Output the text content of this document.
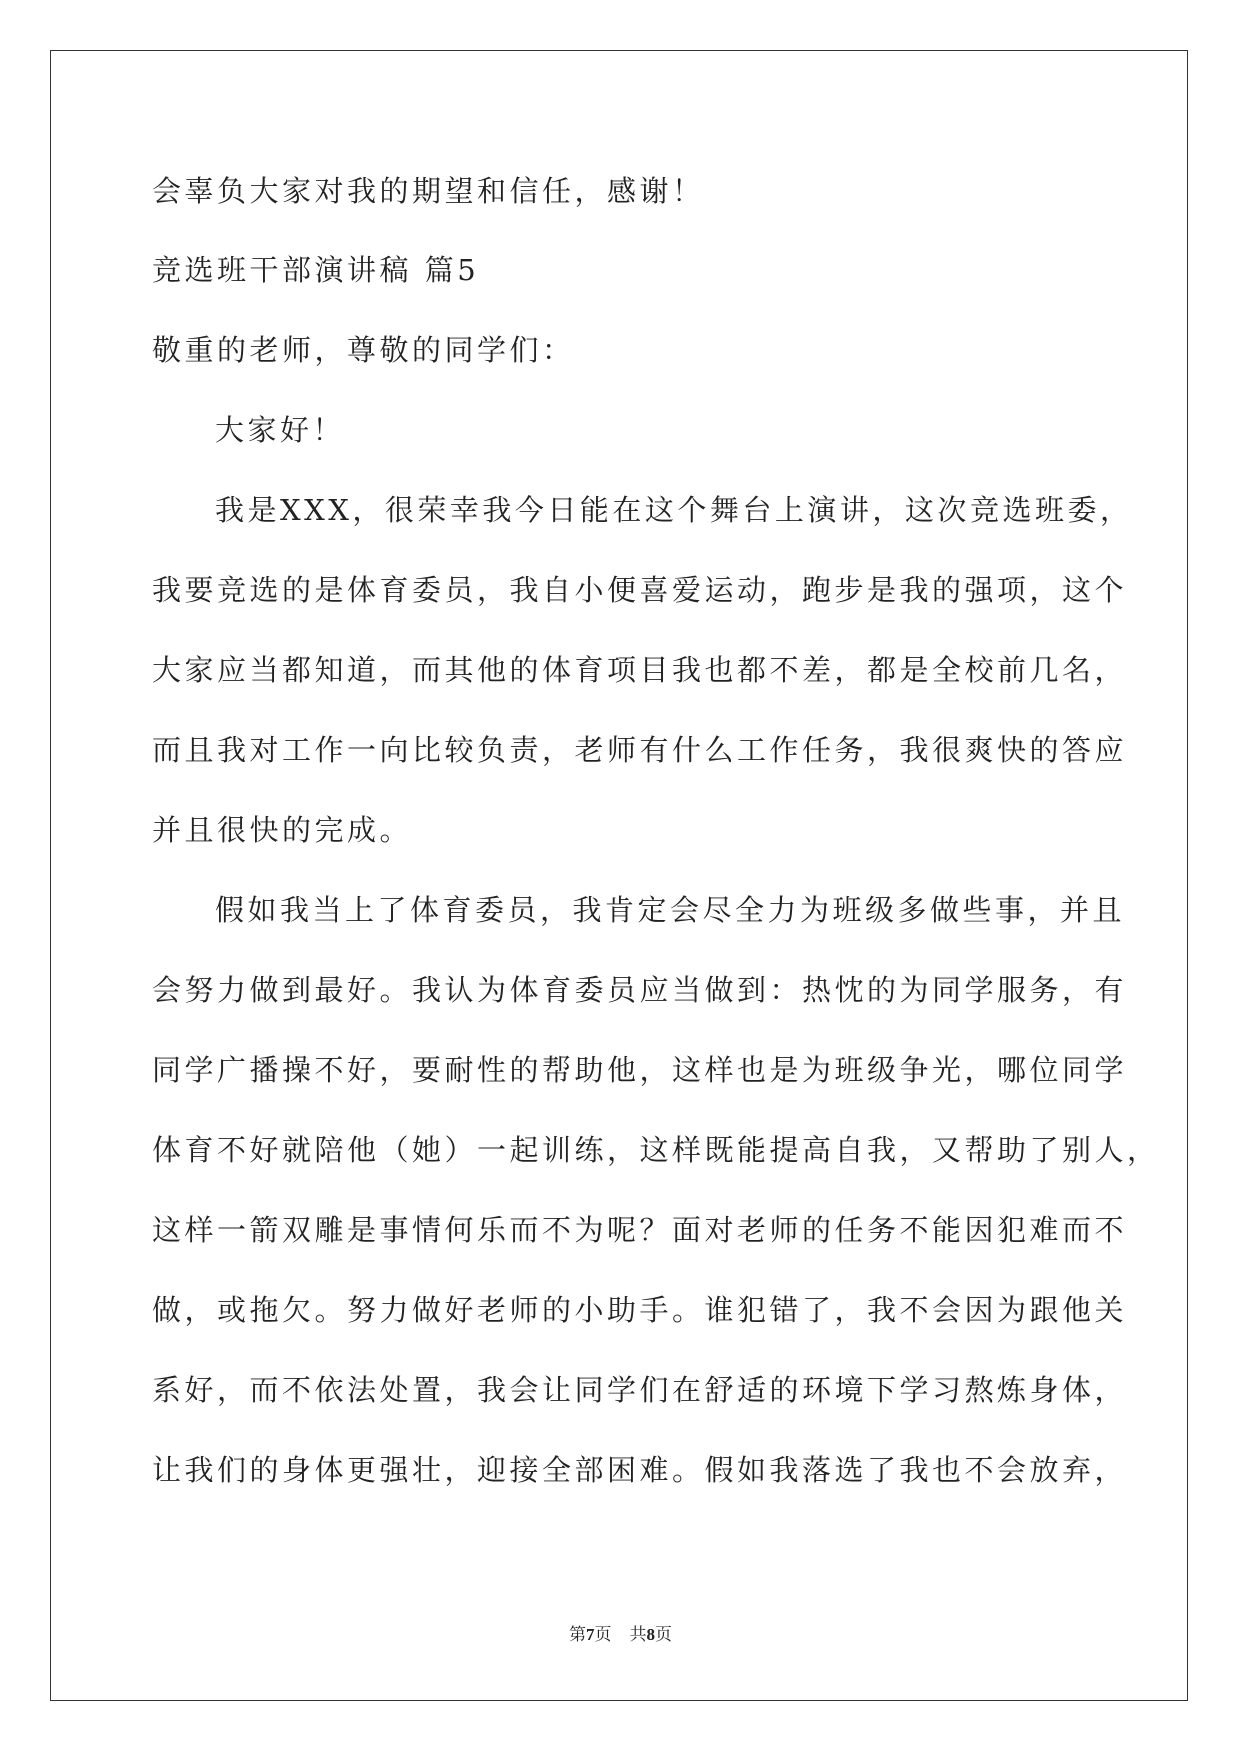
会辜负大家对我的期望和信任，感谢！
竞选班干部演讲稿 篇5
敬重的老师，尊敬的同学们：
大家好！
我是XXX，很荣幸我今日能在这个舞台上演讲，这次竞选班委，
我要竞选的是体育委员，我自小便喜爱运动，跑步是我的强项，这个
大家应当都知道，而其他的体育项目我也都不差，都是全校前几名，
而且我对工作一向比较负责，老师有什么工作任务，我很爽快的答应
并且很快的完成。
假如我当上了体育委员，我肯定会尽全力为班级多做些事，并且
会努力做到最好。我认为体育委员应当做到：热忱的为同学服务，有
同学广播操不好，要耐性的帮助他，这样也是为班级争光，哪位同学
体育不好就陪他（她）一起训练，这样既能提高自我，又帮助了别人，
这样一箭双雕是事情何乐而不为呢？面对老师的任务不能因犯难而不
做，或拖欠。努力做好老师的小助手。谁犯错了，我不会因为跟他关
系好，而不依法处置，我会让同学们在舒适的环境下学习熬炼身体，
让我们的身体更强壮，迎接全部困难。假如我落选了我也不会放弃，
第7页 共8页
